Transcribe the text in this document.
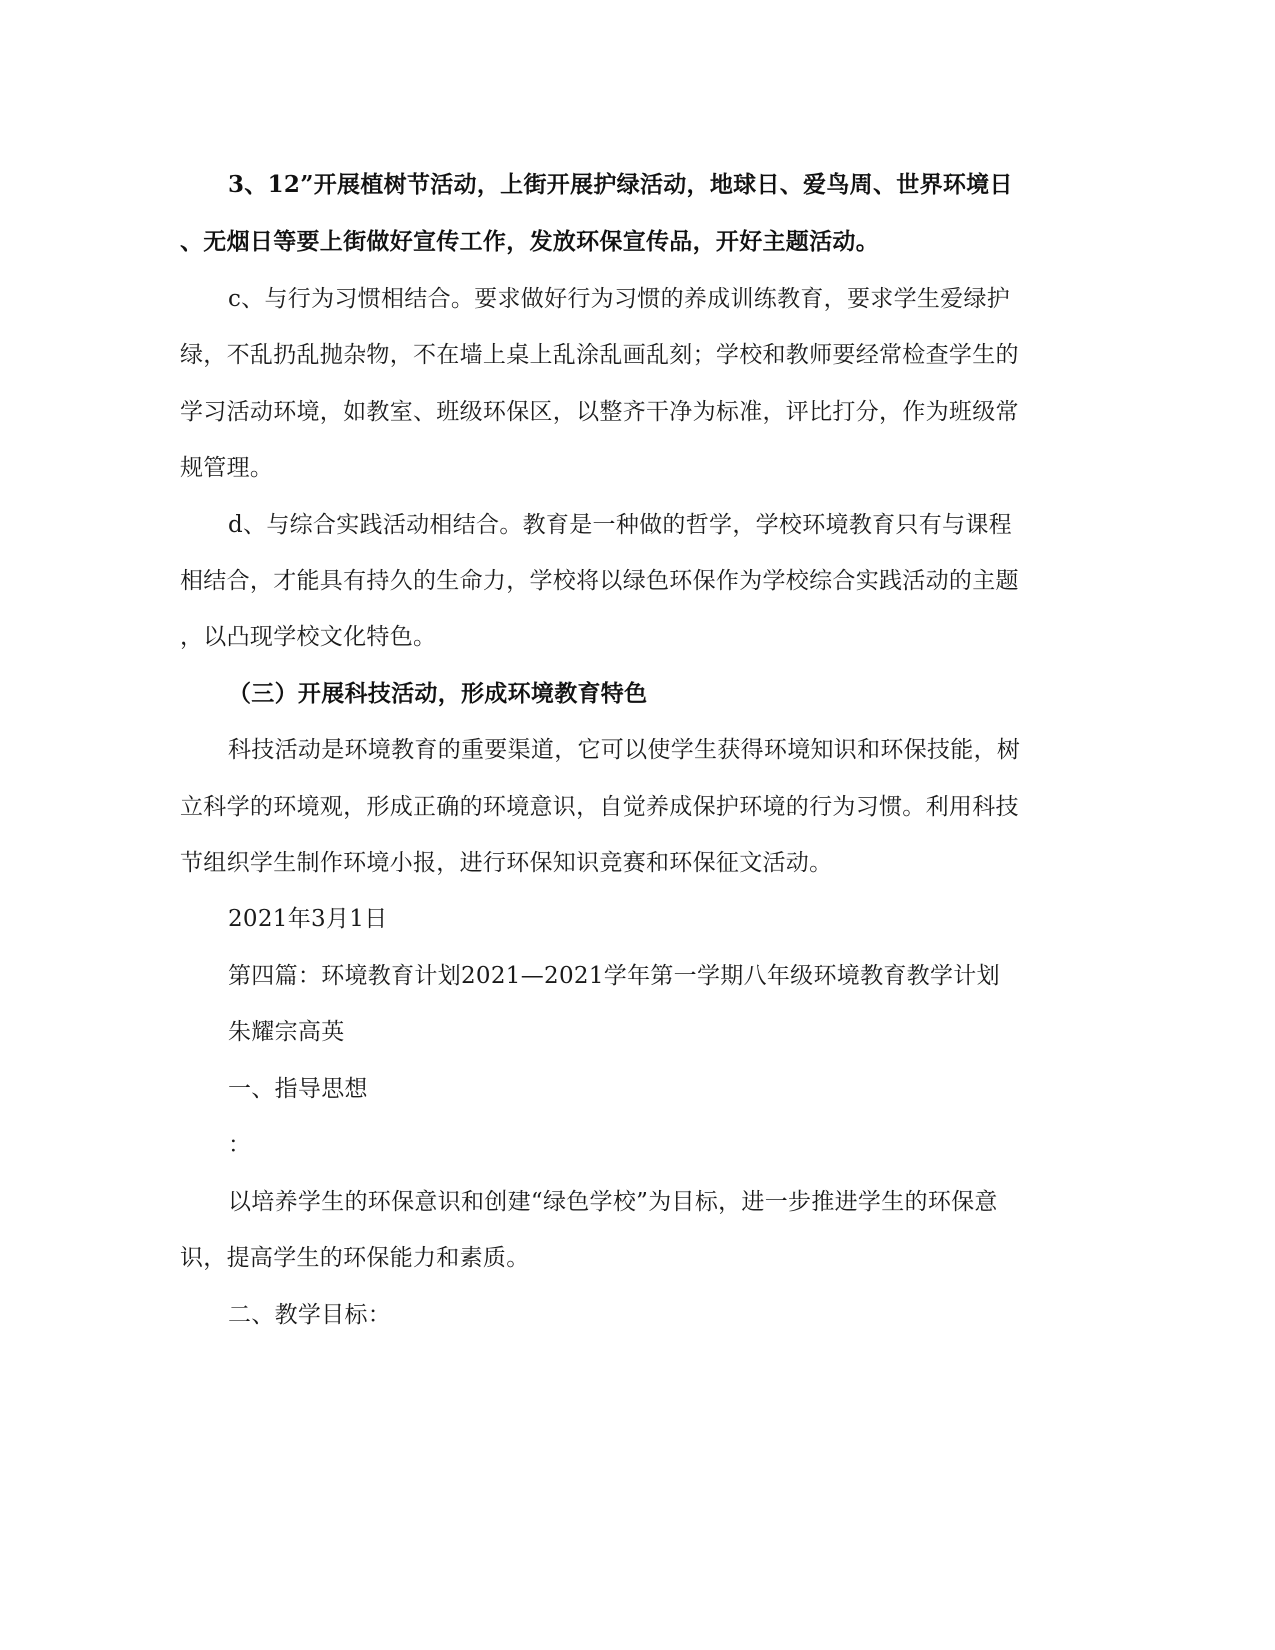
3、12”开展植树节活动，上街开展护绿活动，地球日、爱鸟周、世界环境日
、无烟日等要上街做好宣传工作，发放环保宣传品，开好主题活动。
c、与行为习惯相结合。要求做好行为习惯的养成训练教育，要求学生爱绿护
绿，不乱扔乱抛杂物，不在墙上桌上乱涂乱画乱刻；学校和教师要经常检查学生的
学习活动环境，如教室、班级环保区，以整齐干净为标准，评比打分，作为班级常
规管理。
d、与综合实践活动相结合。教育是一种做的哲学，学校环境教育只有与课程
相结合，才能具有持久的生命力，学校将以绿色环保作为学校综合实践活动的主题
，以凸现学校文化特色。
（三）开展科技活动，形成环境教育特色
科技活动是环境教育的重要渠道，它可以使学生获得环境知识和环保技能，树
立科学的环境观，形成正确的环境意识，自觉养成保护环境的行为习惯。利用科技
节组织学生制作环境小报，进行环保知识竞赛和环保征文活动。
2021年3月1日
第四篇：环境教育计划2021—2021学年第一学期八年级环境教育教学计划
朱耀宗高英
一、指导思想
：
以培养学生的环保意识和创建“绿色学校”为目标，进一步推进学生的环保意
识，提高学生的环保能力和素质。
二、教学目标：
